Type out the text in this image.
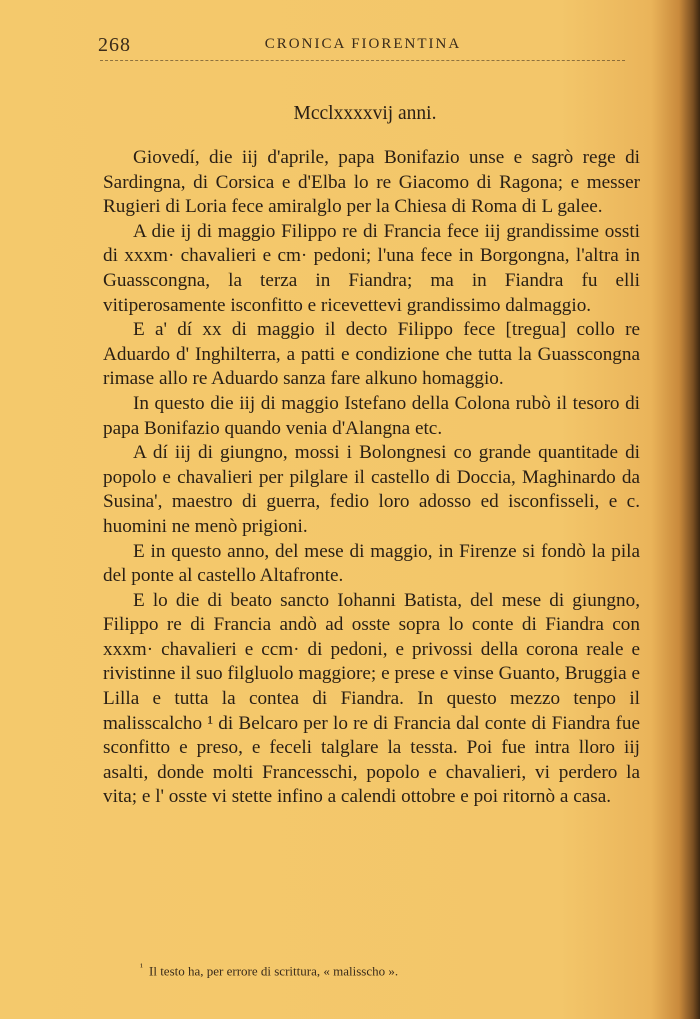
268	CRONICA FIORENTINA
Mcclxxxxvij anni.

Giovedí, die iij d'aprile, papa Bonifazio unse e sagrò rege di Sardingna, di Corsica e d'Elba lo re Giacomo di Ragona; e messer Rugieri di Loria fece amiralglo per la Chiesa di Roma di L galee.

A die ij di maggio Filippo re di Francia fece iij grandissime ossti di xxxm· chavalieri e cm· pedoni; l'una fece in Borgongna, l'altra in Guasscongna, la terza in Fiandra; ma in Fiandra fu elli vitiperosamente isconfitto e ricevettevi grandissimo dalmaggio.

E a' dí xx di maggio il decto Filippo fece [tregua] collo re Aduardo d' Inghilterra, a patti e condizione che tutta la Guasscongna rimase allo re Aduardo sanza fare alkuno homaggio.

In questo die iij di maggio Istefano della Colona rubò il tesoro di papa Bonifazio quando venia d'Alangna etc.

A dí iij di giungno, mossi i Bolongnesi co grande quantitade di popolo e chavalieri per pilglare il castello di Doccia, Maghinardo da Susina', maestro di guerra, fedio loro adosso ed isconfisseli, e c. huomini ne menò prigioni.

E in questo anno, del mese di maggio, in Firenze si fondò la pila del ponte al castello Altafronte.

E lo die di beato sancto Iohanni Batista, del mese di giungno, Filippo re di Francia andò ad osste sopra lo conte di Fiandra con xxxm· chavalieri e ccm· di pedoni, e privossi della corona reale e rivistinne il suo filgluolo maggiore; e prese e vinse Guanto, Bruggia e Lilla e tutta la contea di Fiandra. In questo mezzo tenpo il malisscalcho ¹ di Belcaro per lo re di Francia dal conte di Fiandra fue sconfitto e preso, e feceli talglare la tessta. Poi fue intra lloro iij asalti, donde molti Francesschi, popolo e chavalieri, vi perdero la vita; e l' osste vi stette infino a calendi ottobre e poi ritornò a casa.

$^{^1}$ Il testo ha, per errore di scrittura, « malisscho ».
